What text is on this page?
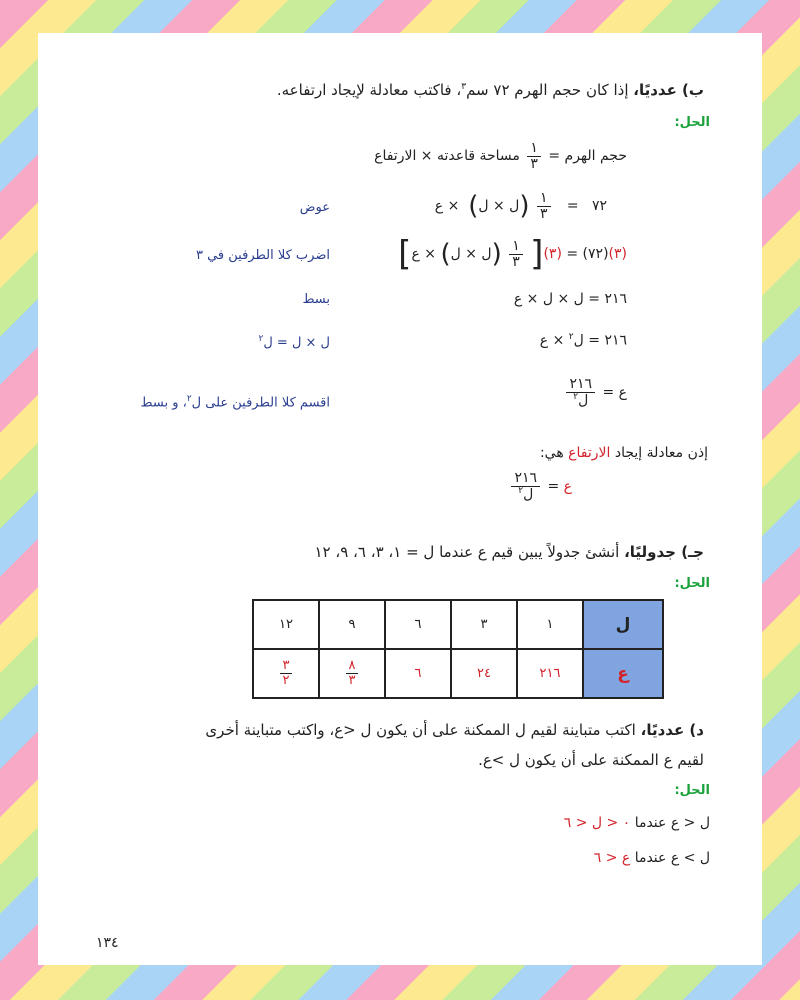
ب) عدديًا، إذا كان حجم الهرم ٧٢ سم$^٣$، فاكتب معادلة لإيجاد ارتفاعه.
الحل:
حجم الهرم =
$\frac{١}{٣}$
مساحة قاعدته × الارتفاع
٧٢   =
$\frac{١}{٣}$
(ل × ل)  × ع
عوض
(٣)(٧٢) = (٣)[
$\frac{١}{٣}$
(ل × ل) × ع]
اضرب كلا الطرفين في ٣
٢١٦ = ل × ل × ع
بسط
٢١٦ = ل$^٢$ × ع
ل × ل = ل$^٢$
ع =
$\frac{٢١٦}{ل^٢}$
اقسم كلا الطرفين على ل$^٢$، و بسط
إذن معادلة إيجاد الارتفاع هي:
ع =
$\frac{٢١٦}{ل^٢}$
جـ) جدوليًا، أنشئ جدولاً يبين قيم ع عندما ل = ١، ٣، ٦، ٩، ١٢
الحل:
ل	١	٣	٦	٩	١٢
ع	٢١٦	٢٤	٦	$\frac{٨}{٣}$	$\frac{٣}{٢}$
د) عدديًا، اكتب متباينة لقيم ل الممكنة على أن يكون ل <ع، واكتب متباينة أخرى
لقيم ع الممكنة على أن يكون ل >ع.
الحل:
ل < ع عندما ٠ < ل < ٦
ل > ع عندما ع < ٦
١٣٤
